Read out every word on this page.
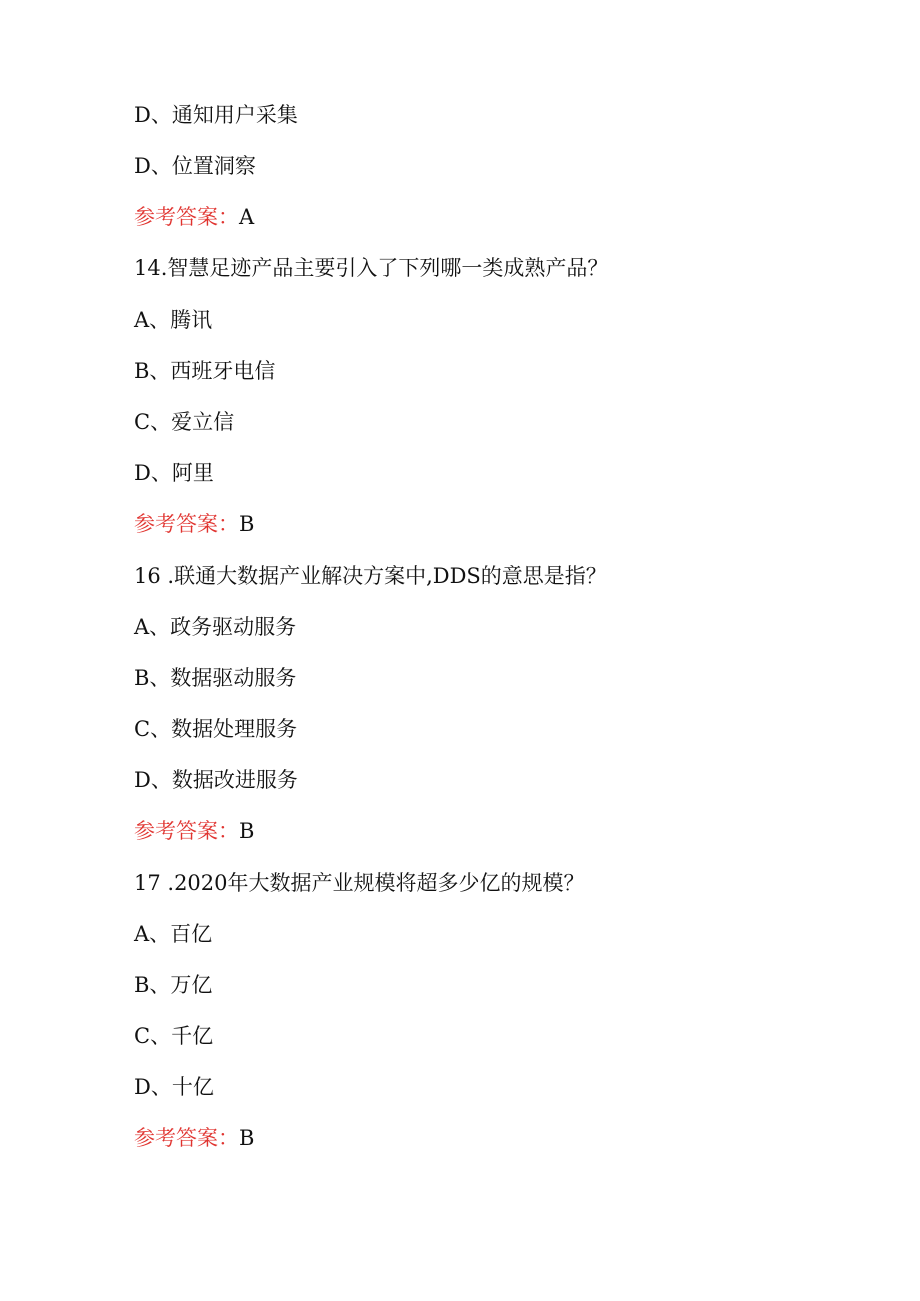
D、通知用户采集
D、位置洞察
参考答案：A
14.智慧足迹产品主要引入了下列哪一类成熟产品？
A、腾讯
B、西班牙电信
C、爱立信
D、阿里
参考答案：B
16 .联通大数据产业解决方案中,DDS的意思是指？
A、政务驱动服务
B、数据驱动服务
C、数据处理服务
D、数据改进服务
参考答案：B
17 .2020年大数据产业规模将超多少亿的规模？
A、百亿
B、万亿
C、千亿
D、十亿
参考答案：B
